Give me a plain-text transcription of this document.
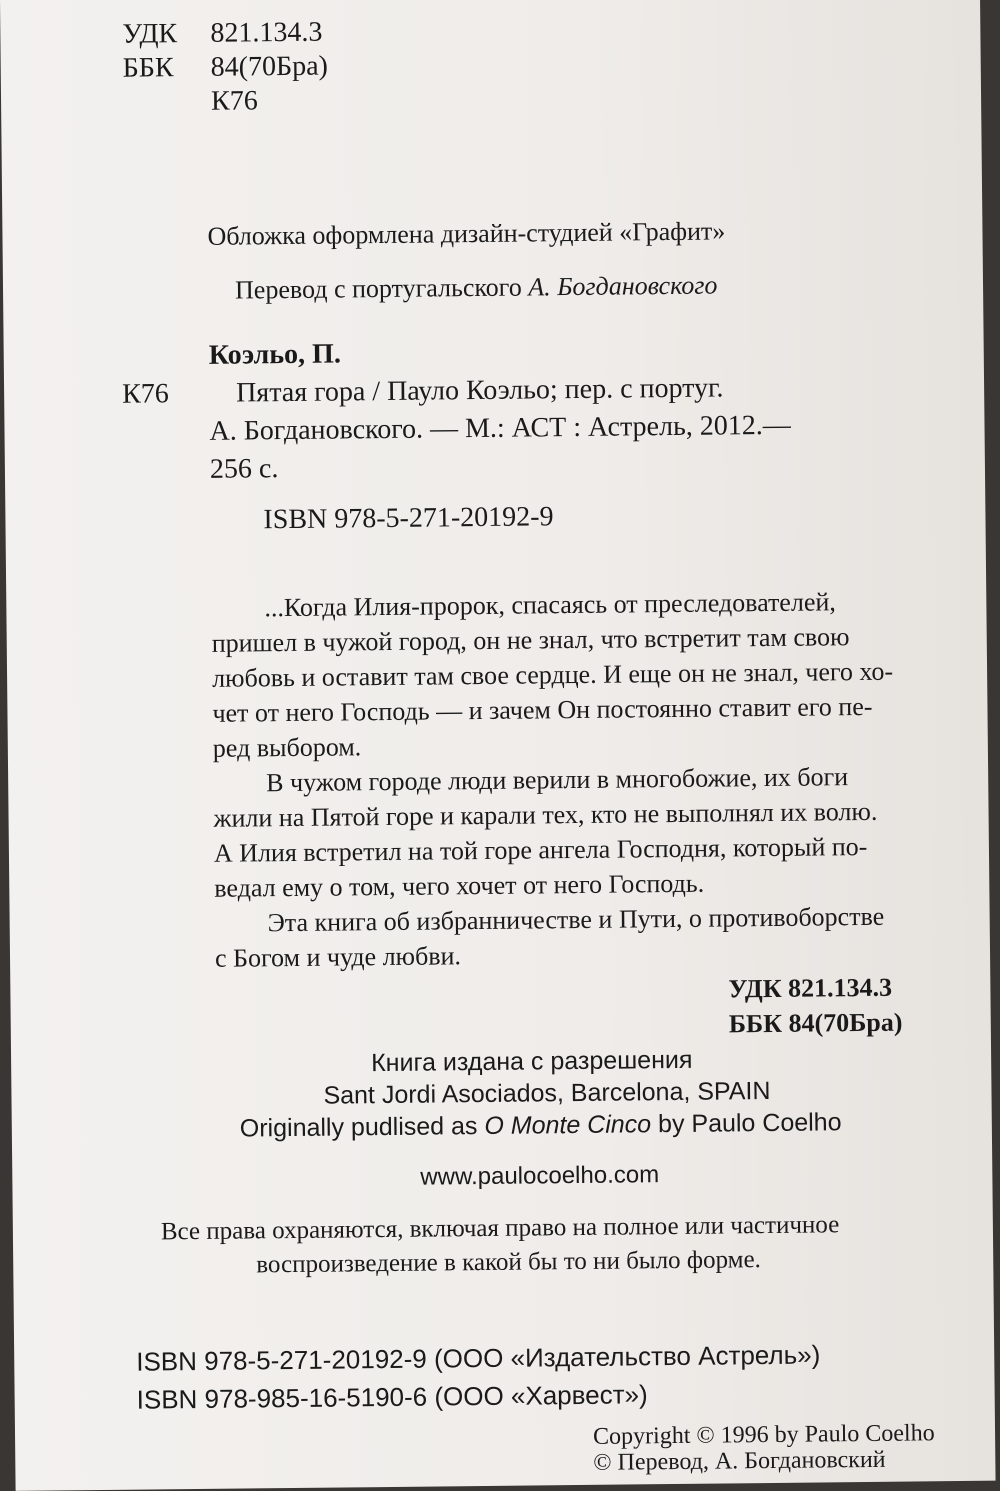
УДК 821.134.3
ББК 84(70Бра)
К76
Обложка оформлена дизайн-студией «Графит»
Перевод с португальского А. Богдановского
Коэльо, П.
К76 Пятая гора / Пауло Коэльо; пер. с португ.
А. Богдановского. — М.: АСТ : Астрель, 2012.—
256 с.
ISBN 978-5-271-20192-9
...Когда Илия-пророк, спасаясь от преследователей,
пришел в чужой город, он не знал, что встретит там свою
любовь и оставит там свое сердце. И еще он не знал, чего хо-
чет от него Господь — и зачем Он постоянно ставит его пе-
ред выбором.
В чужом городе люди верили в многобожие, их боги
жили на Пятой горе и карали тех, кто не выполнял их волю.
А Илия встретил на той горе ангела Господня, который по-
ведал ему о том, чего хочет от него Господь.
Эта книга об избранничестве и Пути, о противоборстве
с Богом и чуде любви.
УДК 821.134.3
ББК 84(70Бра)
Книга издана с разрешения
Sant Jordi Asociados, Barcelona, SPAIN
Originally pudlised as O Monte Cinco by Paulo Coelho
www.paulocoelho.com
Все права охраняются, включая право на полное или частичное
воспроизведение в какой бы то ни было форме.
ISBN 978-5-271-20192-9 (ООО «Издательство Астрель»)
ISBN 978-985-16-5190-6 (ООО «Харвест»)
Copyright © 1996 by Paulo Coelho
© Перевод, А. Богдановский
